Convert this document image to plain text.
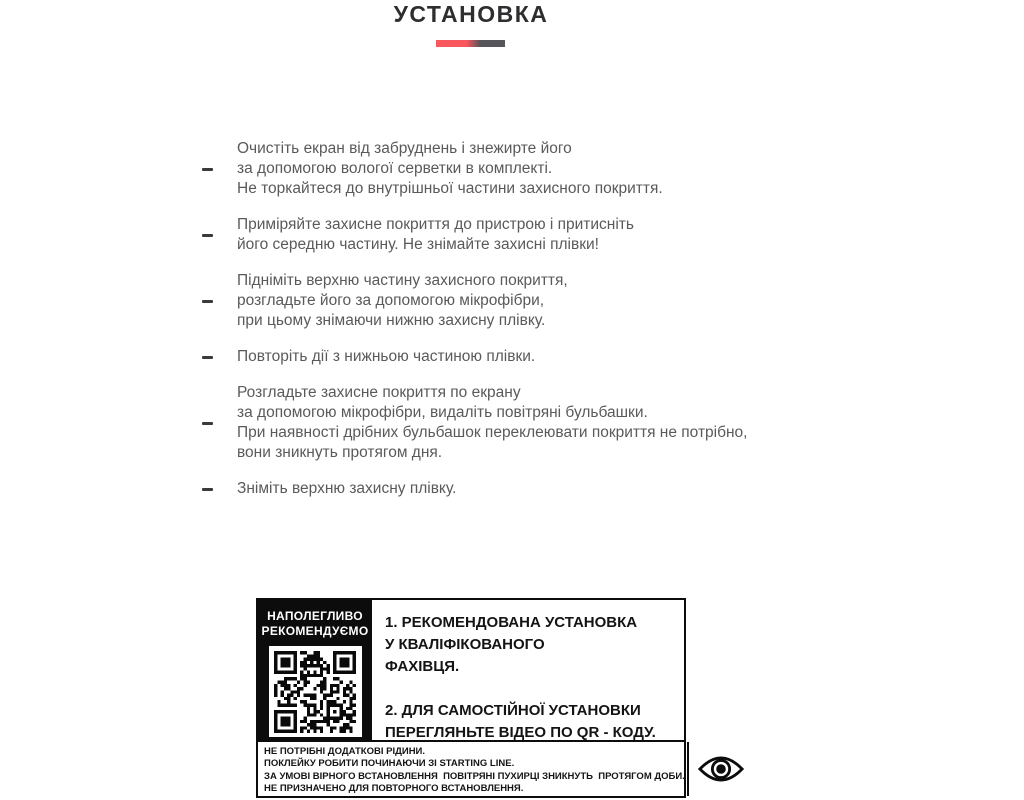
УСТАНОВКА
Очистіть екран від забруднень і знежирте його
за допомогою вологої серветки в комплекті.
Не торкайтеся до внутрішньої частини захисного покриття.
Приміряйте захисне покриття до пристрою і притисніть
його середню частину. Не знімайте захисні плівки!
Підніміть верхню частину захисного покриття,
розгладьте його за допомогою мікрофібри,
при цьому знімаючи нижню захисну плівку.
Повторіть дії з нижньою частиною плівки.
Розгладьте захисне покриття по екрану
за допомогою мікрофібри, видаліть повітряні бульбашки.
При наявності дрібних бульбашок переклеювати покриття не потрібно,
вони зникнуть протягом дня.
Зніміть верхню захисну плівку.
НАПОЛЕГЛИВО
РЕКОМЕНДУЄМО 1. РЕКОМЕНДОВАНА УСТАНОВКА
У КВАЛІФІКОВАНОГО
ФАХІВЦЯ.
2. ДЛЯ САМОСТІЙНОЇ УСТАНОВКИ
ПЕРЕГЛЯНЬТЕ ВІДЕО ПО QR - КОДУ.
НЕ ПОТРІБНІ ДОДАТКОВІ РІДИНИ.
ПОКЛЕЙКУ РОБИТИ ПОЧИНАЮЧИ ЗІ STARTING LINE.
ЗА УМОВІ ВІРНОГО ВСТАНОВЛЕННЯ  ПОВІТРЯНІ ПУХИРЦІ ЗНИКНУТЬ  ПРОТЯГОМ ДОБИ.
НЕ ПРИЗНАЧЕНО ДЛЯ ПОВТОРНОГО ВСТАНОВЛЕННЯ.
